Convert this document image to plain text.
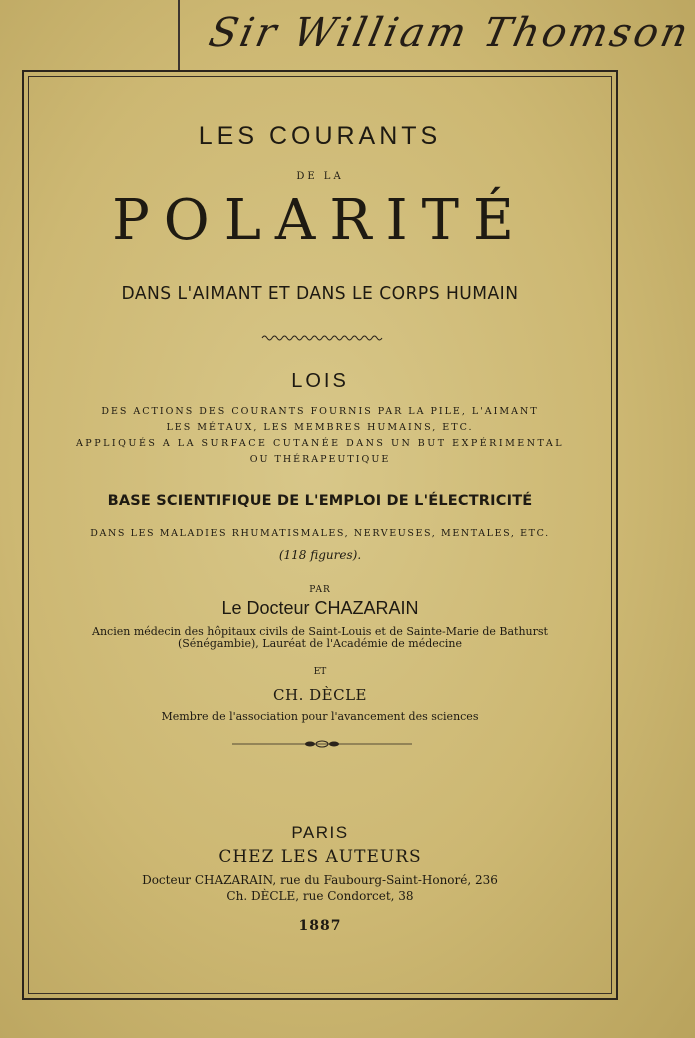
Sir William Thomson
LES COURANTS
DE LA
POLARITÉ
DANS L'AIMANT ET DANS LE CORPS HUMAIN
LOIS
DES ACTIONS DES COURANTS FOURNIS PAR LA PILE, L'AIMANT
LES MÉTAUX, LES MEMBRES HUMAINS, ETC.
APPLIQUÉS A LA SURFACE CUTANÉE DANS UN BUT EXPÉRIMENTAL
OU THÉRAPEUTIQUE
BASE SCIENTIFIQUE DE L'EMPLOI DE L'ÉLECTRICITÉ
DANS LES MALADIES RHUMATISMALES, NERVEUSES, MENTALES, ETC.
(118 figures).
PAR
Le Docteur CHAZARAIN
Ancien médecin des hôpitaux civils de Saint-Louis et de Sainte-Marie de Bathurst
(Sénégambie), Lauréat de l'Académie de médecine
ET
CH. DÈCLE
Membre de l'association pour l'avancement des sciences
PARIS
CHEZ LES AUTEURS
Docteur CHAZARAIN, rue du Faubourg-Saint-Honoré, 236
Ch. DÈCLE, rue Condorcet, 38
1887
